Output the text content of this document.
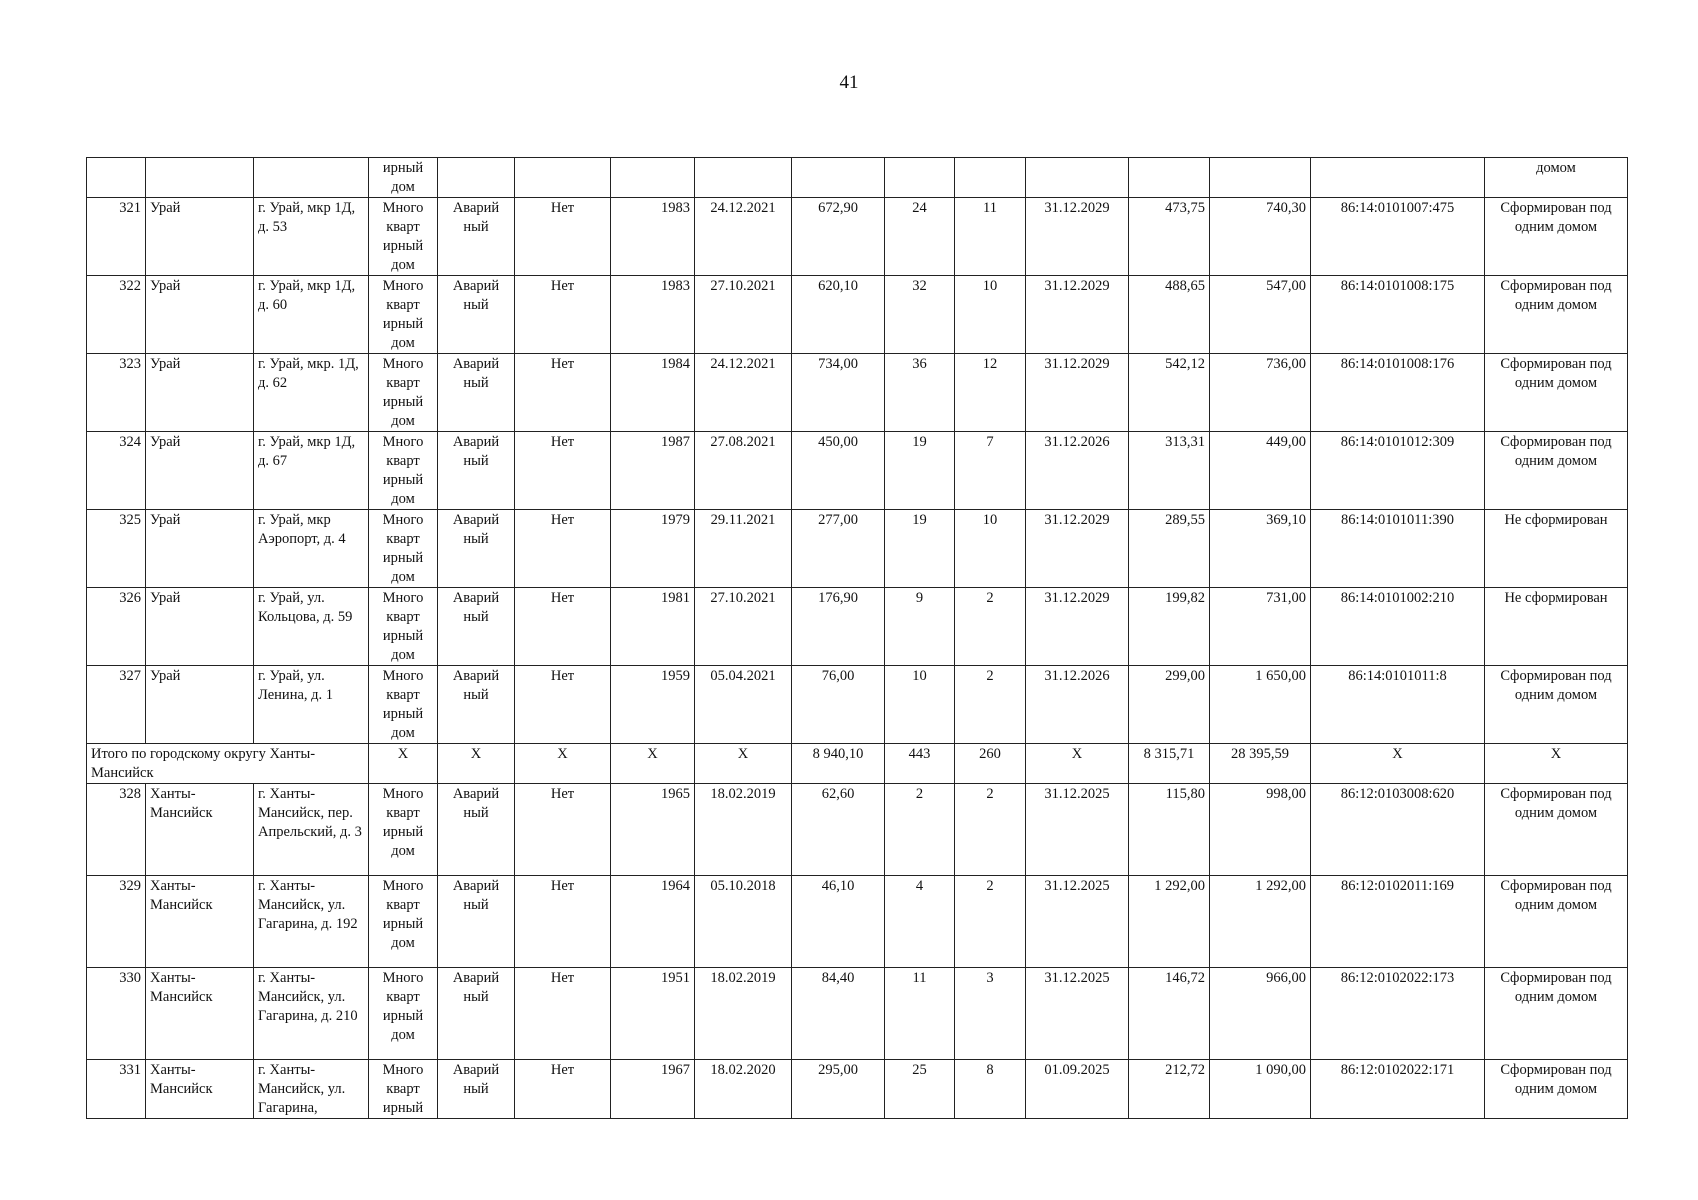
41
			ирный дом												домом
321	Урай	г. Урай, мкр 1Д, д. 53	Много кварт ирный дом	Аварий ный	Нет	1983	24.12.2021	672,90	24	11	31.12.2029	473,75	740,30	86:14:0101007:475	Сформирован под одним домом
322	Урай	г. Урай, мкр 1Д, д. 60	Много кварт ирный дом	Аварий ный	Нет	1983	27.10.2021	620,10	32	10	31.12.2029	488,65	547,00	86:14:0101008:175	Сформирован под одним домом
323	Урай	г. Урай, мкр. 1Д, д. 62	Много кварт ирный дом	Аварий ный	Нет	1984	24.12.2021	734,00	36	12	31.12.2029	542,12	736,00	86:14:0101008:176	Сформирован под одним домом
324	Урай	г. Урай, мкр 1Д, д. 67	Много кварт ирный дом	Аварий ный	Нет	1987	27.08.2021	450,00	19	7	31.12.2026	313,31	449,00	86:14:0101012:309	Сформирован под одним домом
325	Урай	г. Урай, мкр Аэропорт, д. 4	Много кварт ирный дом	Аварий ный	Нет	1979	29.11.2021	277,00	19	10	31.12.2029	289,55	369,10	86:14:0101011:390	Не сформирован
326	Урай	г. Урай, ул. Кольцова, д. 59	Много кварт ирный дом	Аварий ный	Нет	1981	27.10.2021	176,90	9	2	31.12.2029	199,82	731,00	86:14:0101002:210	Не сформирован
327	Урай	г. Урай, ул. Ленина, д. 1	Много кварт ирный дом	Аварий ный	Нет	1959	05.04.2021	76,00	10	2	31.12.2026	299,00	1 650,00	86:14:0101011:8	Сформирован под одним домом
Итого по городскому округу Ханты-Мансийск			X	X	X	X	X	8 940,10	443	260	X	8 315,71	28 395,59	X	X
328	Ханты-Мансийск	г. Ханты-Мансийск, пер. Апрельский, д. 3	Много кварт ирный дом	Аварий ный	Нет	1965	18.02.2019	62,60	2	2	31.12.2025	115,80	998,00	86:12:0103008:620	Сформирован под одним домом
329	Ханты-Мансийск	г. Ханты-Мансийск, ул. Гагарина, д. 192	Много кварт ирный дом	Аварий ный	Нет	1964	05.10.2018	46,10	4	2	31.12.2025	1 292,00	1 292,00	86:12:0102011:169	Сформирован под одним домом
330	Ханты-Мансийск	г. Ханты-Мансийск, ул. Гагарина, д. 210	Много кварт ирный дом	Аварий ный	Нет	1951	18.02.2019	84,40	11	3	31.12.2025	146,72	966,00	86:12:0102022:173	Сформирован под одним домом
331	Ханты-Мансийск	г. Ханты-Мансийск, ул. Гагарина,	Много кварт ирный	Аварий ный	Нет	1967	18.02.2020	295,00	25	8	01.09.2025	212,72	1 090,00	86:12:0102022:171	Сформирован под одним домом
